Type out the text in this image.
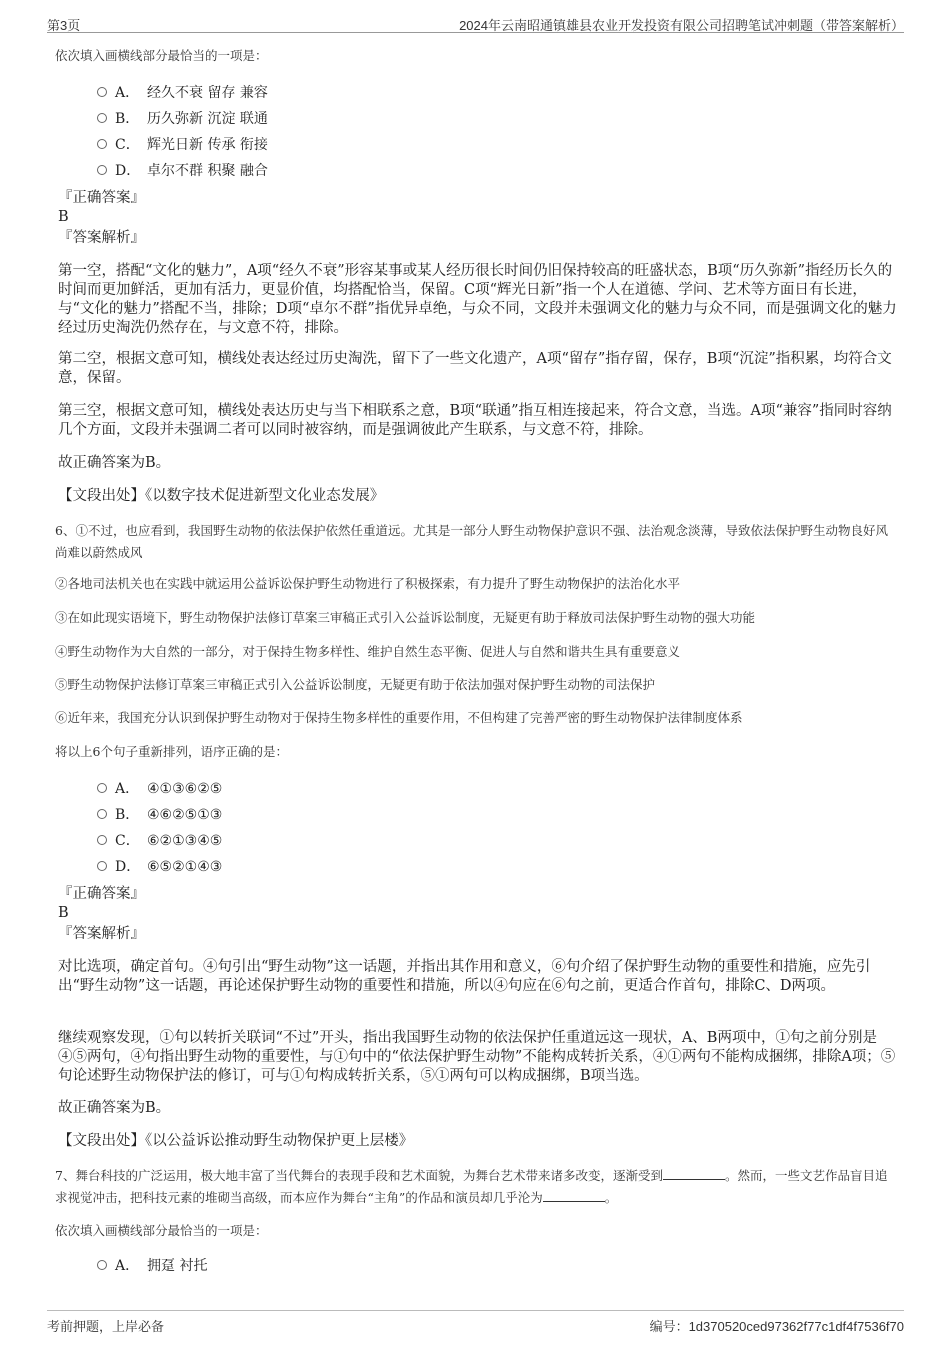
第3页	2024年云南昭通镇雄县农业开发投资有限公司招聘笔试冲刺题（带答案解析）
依次填入画横线部分最恰当的一项是：
A． 经久不衰 留存 兼容
B． 历久弥新 沉淀 联通
C． 辉光日新 传承 衔接
D． 卓尔不群 积聚 融合
『正确答案』
B
『答案解析』
第一空，搭配“文化的魅力”，A项“经久不衰”形容某事或某人经历很长时间仍旧保持较高的旺盛状态，B项“历久弥新”指经历长久的时间而更加鲜活，更加有活力，更显价值，均搭配恰当，保留。C项“辉光日新”指一个人在道德、学问、艺术等方面日有长进，与“文化的魅力”搭配不当，排除；D项“卓尔不群”指优异卓绝，与众不同，文段并未强调文化的魅力与众不同，而是强调文化的魅力经过历史淘洗仍然存在，与文意不符，排除。
第二空，根据文意可知，横线处表达经过历史淘洗，留下了一些文化遗产，A项“留存”指存留，保存，B项“沉淀”指积累，均符合文意，保留。
第三空，根据文意可知，横线处表达历史与当下相联系之意，B项“联通”指互相连接起来，符合文意，当选。A项“兼容”指同时容纳几个方面，文段并未强调二者可以同时被容纳，而是强调彼此产生联系，与文意不符，排除。
故正确答案为B。
【文段出处】《以数字技术促进新型文化业态发展》
6、①不过，也应看到，我国野生动物的依法保护依然任重道远。尤其是一部分人野生动物保护意识不强、法治观念淡薄，导致依法保护野生动物良好风尚难以蔚然成风
②各地司法机关也在实践中就运用公益诉讼保护野生动物进行了积极探索，有力提升了野生动物保护的法治化水平
③在如此现实语境下，野生动物保护法修订草案三审稿正式引入公益诉讼制度，无疑更有助于释放司法保护野生动物的强大功能
④野生动物作为大自然的一部分，对于保持生物多样性、维护自然生态平衡、促进人与自然和谐共生具有重要意义
⑤野生动物保护法修订草案三审稿正式引入公益诉讼制度，无疑更有助于依法加强对保护野生动物的司法保护
⑥近年来，我国充分认识到保护野生动物对于保持生物多样性的重要作用，不但构建了完善严密的野生动物保护法律制度体系
将以上6个句子重新排列，语序正确的是：
A． ④①③⑥②⑤
B． ④⑥②⑤①③
C． ⑥②①③④⑤
D． ⑥⑤②①④③
『正确答案』
B
『答案解析』
对比选项，确定首句。④句引出“野生动物”这一话题，并指出其作用和意义，⑥句介绍了保护野生动物的重要性和措施，应先引出“野生动物”这一话题，再论述保护野生动物的重要性和措施，所以④句应在⑥句之前，更适合作首句，排除C、D两项。
继续观察发现，①句以转折关联词“不过”开头，指出我国野生动物的依法保护任重道远这一现状，A、B两项中，①句之前分别是④⑤两句，④句指出野生动物的重要性，与①句中的“依法保护野生动物”不能构成转折关系，④①两句不能构成捆绑，排除A项；⑤句论述野生动物保护法的修订，可与①句构成转折关系，⑤①两句可以构成捆绑，B项当选。
故正确答案为B。
【文段出处】《以公益诉讼推动野生动物保护更上层楼》
7、舞台科技的广泛运用，极大地丰富了当代舞台的表现手段和艺术面貌，为舞台艺术带来诸多改变，逐渐受到	。然而，一些文艺作品盲目追求视觉冲击，把科技元素的堆砌当高级，而本应作为舞台“主角”的作品和演员却几乎沦为	。
依次填入画横线部分最恰当的一项是：
A． 拥趸 衬托
考前押题，上岸必备	编号：1d370520ced97362f77c1df4f7536f70
